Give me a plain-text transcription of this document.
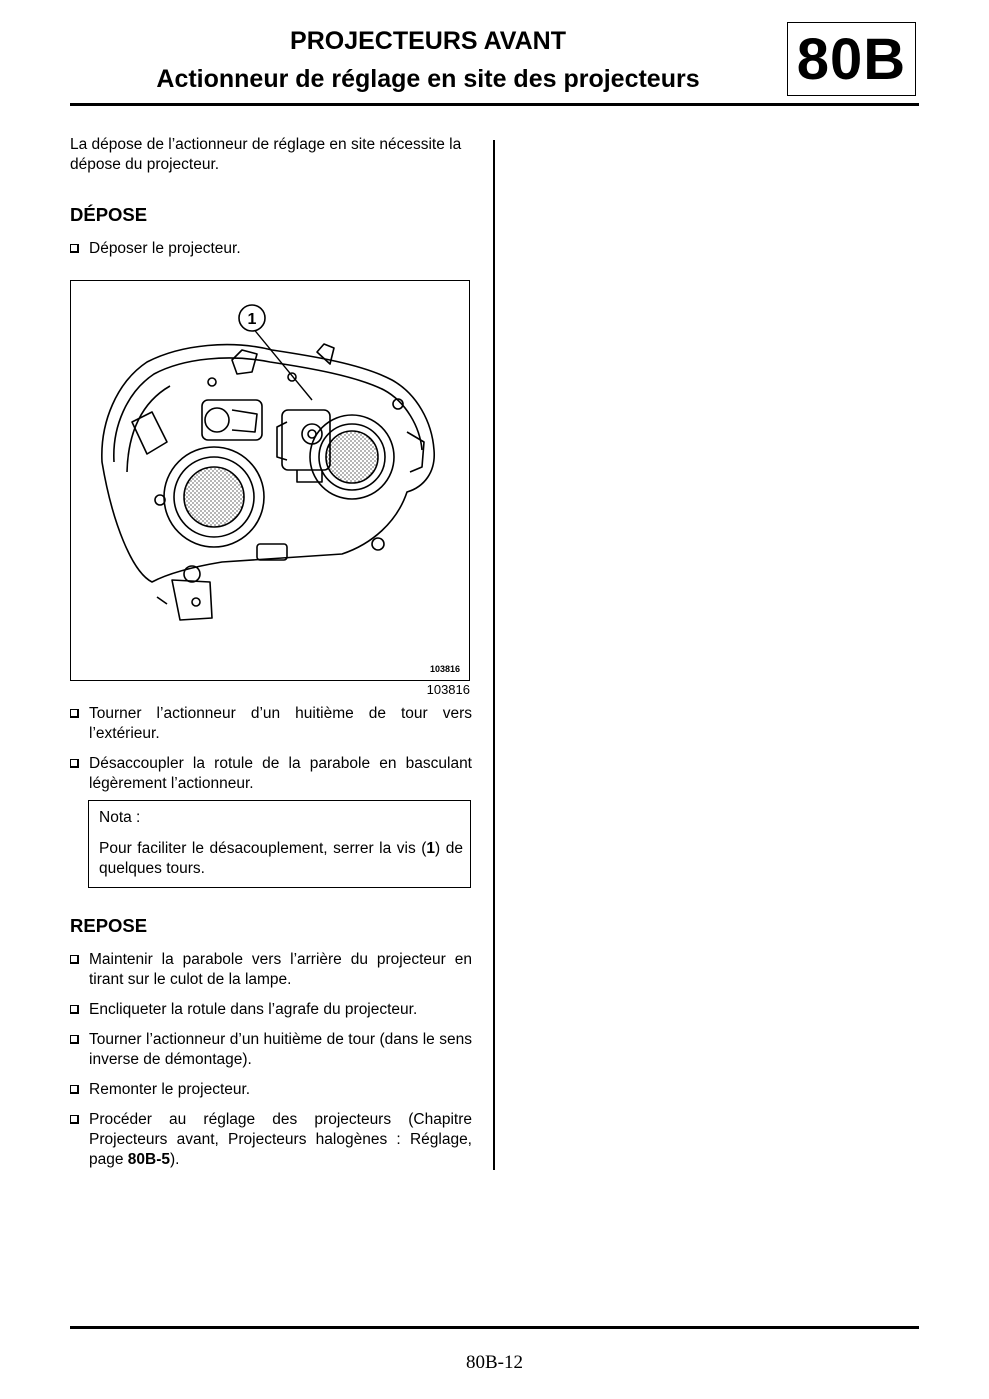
PROJECTEURS AVANT
Actionneur de réglage en site des projecteurs	80B
La dépose de l’actionneur de réglage en site nécessite la dépose du projecteur.
DÉPOSE
Déposer le projecteur.
1
103816
103816
Tourner l’actionneur d’un huitième de tour vers l’extérieur.
Désaccoupler la rotule de la parabole en basculant légèrement l’actionneur.
Nota :
Pour faciliter le désacouplement, serrer la vis (1) de quelques tours.
REPOSE
Maintenir la parabole vers l’arrière du projecteur en tirant sur le culot de la lampe.
Encliqueter la rotule dans l’agrafe du projecteur.
Tourner l’actionneur d’un huitième de tour (dans le sens inverse de démontage).
Remonter le projecteur.
Procéder au réglage des projecteurs (Chapitre Projecteurs avant, Projecteurs halogènes : Réglage, page 80B-5).
80B-12
